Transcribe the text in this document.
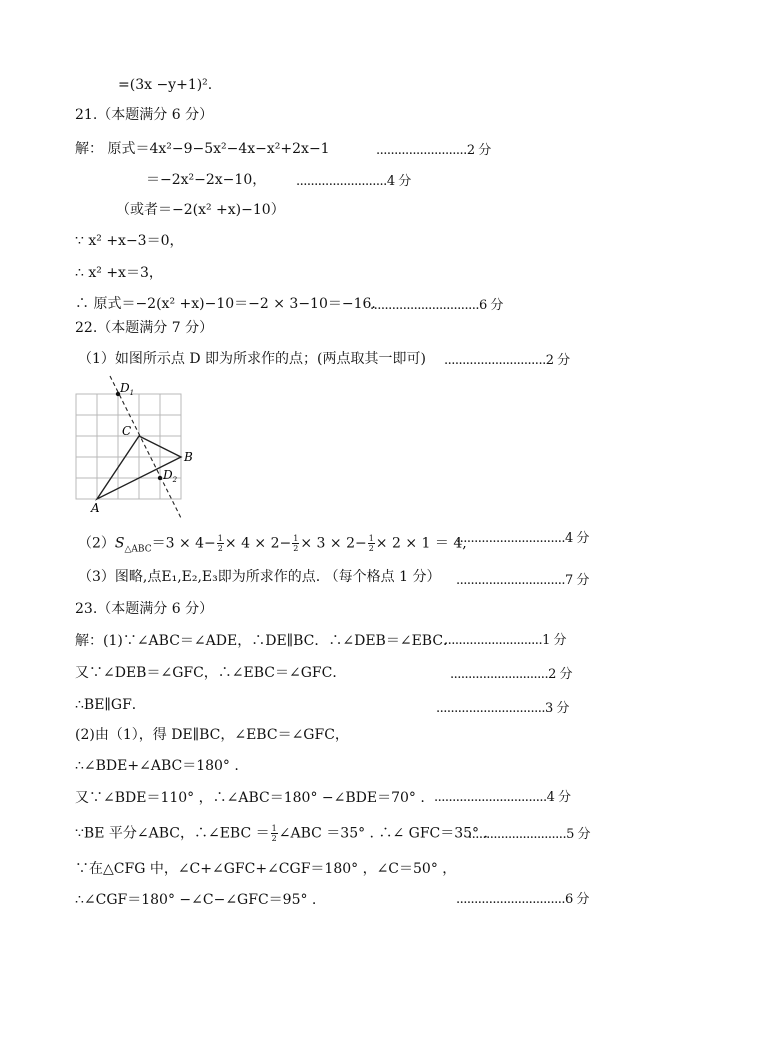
=(3x −y+1)².
21.（本题满分 6 分）
解： 原式＝4x²−9−5x²−4x−x²+2x−1	.........................2 分
＝−2x²−2x−10， .........................4 分
（或者＝−2(x² +x)−10）
∵ x² +x−3＝0，
∴ x² +x＝3，
∴ 原式＝−2(x² +x)−10＝−2 × 3−10＝−16.
..............................6 分
22.（本题满分 7 分）
（1）如图所示点 D 即为所求作的点；(两点取其一即可) ............................2 分
$D_1$
C
B
$D_2$
A
$(2)S_{\triangle ABC}=3 \times 4- \frac{1}{2} \times 4 \times 2- \frac{1}{2} \times 3 \times 2- \frac{1}{2} \times 2 \times 1 = 4$,
..............................4 分
（3）图略,点E₁,E₂,E₃即为所求作的点. （每个格点 1 分） ..............................7 分
23.（本题满分 6 分）
解：(1)∵∠ABC＝∠ADE，∴DE∥BC．∴∠DEB＝∠EBC．
...........................1 分
又∵∠DEB＝∠GFC，∴∠EBC＝∠GFC．	...........................2 分
∴BE∥GF．	..............................3 分
(2)由（1），得 DE∥BC，∠EBC＝∠GFC，
∴∠BDE+∠ABC＝180° .
又∵∠BDE＝110° ，∴∠ABC＝180° −∠BDE＝70° . ...............................4 分
∵BE 平分∠ABC，∴∠EBC ＝ $\frac{1}{2}$ ∠ABC ＝35° . ∴∠ GFC＝35° .
...........................5 分
∵在△CFG 中，∠C+∠GFC+∠CGF＝180° ，∠C＝50° ，
∴∠CGF＝180° −∠C−∠GFC＝95° .	..............................6 分
